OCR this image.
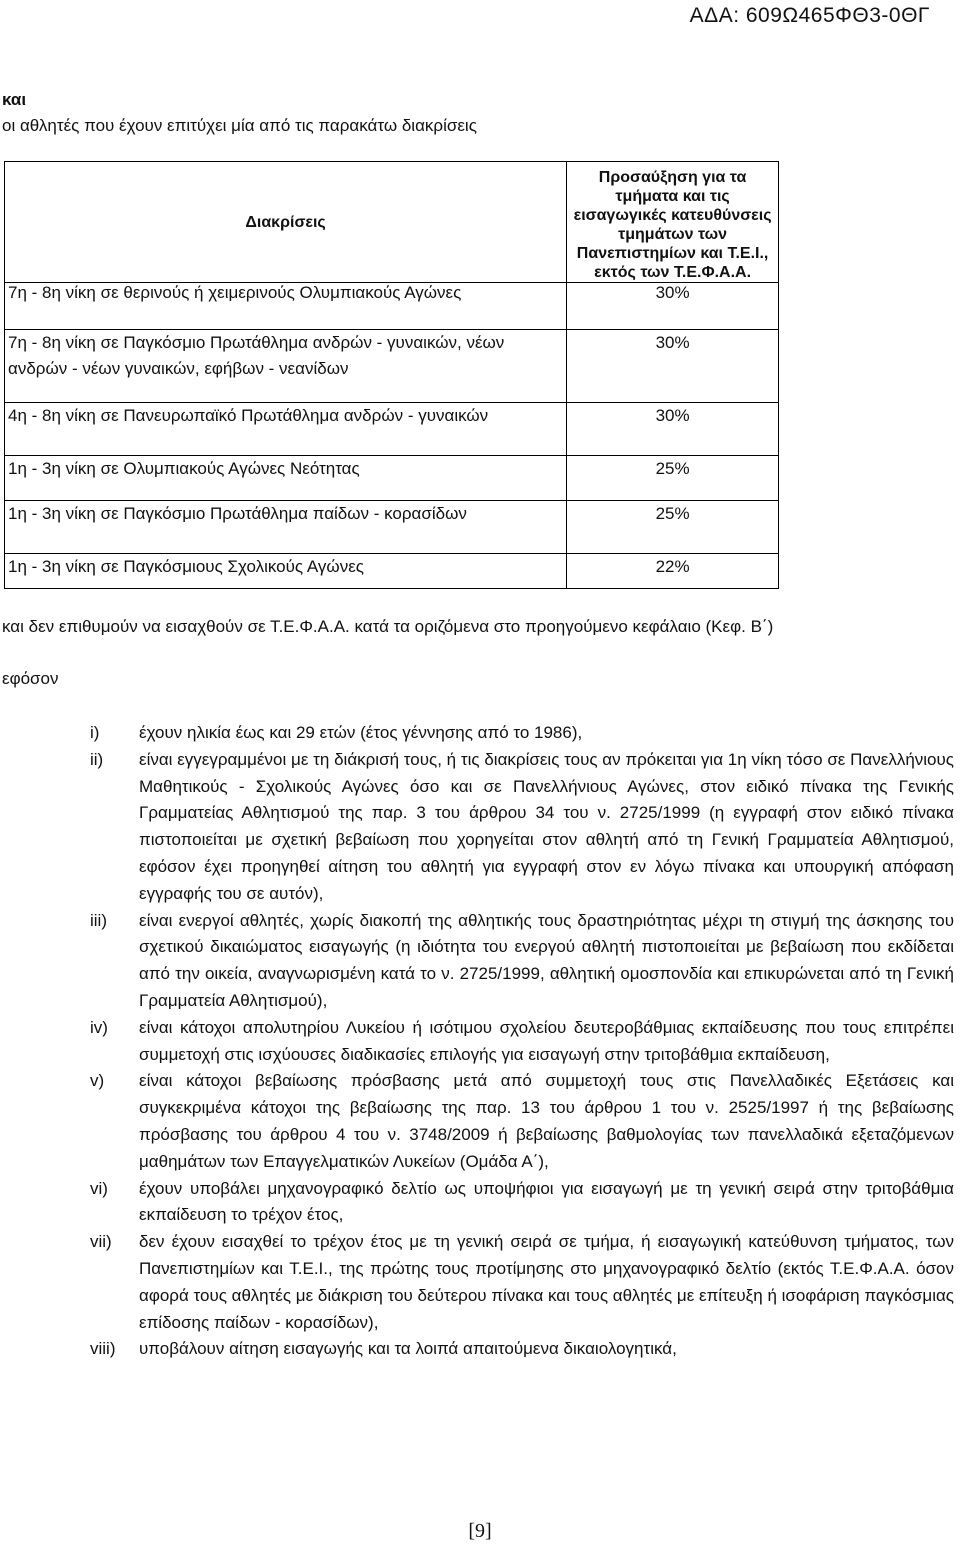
ΑΔΑ: 609Ω465ΦΘ3-0ΘΓ
και
οι αθλητές που έχουν επιτύχει μία από τις παρακάτω διακρίσεις
Διακρίσεις	Προσαύξηση για τα τμήματα και τις εισαγωγικές κατευθύνσεις τμημάτων των Πανεπιστημίων και Τ.Ε.Ι., εκτός των Τ.Ε.Φ.Α.Α.
7η - 8η νίκη σε θερινούς ή χειμερινούς Ολυμπιακούς Αγώνες	30%
7η - 8η νίκη σε Παγκόσμιο Πρωτάθλημα ανδρών - γυναικών, νέων ανδρών - νέων γυναικών, εφήβων - νεανίδων	30%
4η - 8η νίκη σε Πανευρωπαϊκό Πρωτάθλημα ανδρών - γυναικών	30%
1η - 3η νίκη σε Ολυμπιακούς Αγώνες Νεότητας	25%
1η - 3η νίκη σε Παγκόσμιο Πρωτάθλημα παίδων - κορασίδων	25%
1η - 3η νίκη σε Παγκόσμιους Σχολικούς Αγώνες	22%
και δεν επιθυμούν να εισαχθούν σε Τ.Ε.Φ.Α.Α. κατά τα οριζόμενα στο προηγούμενο κεφάλαιο (Κεφ. Β΄)
εφόσον
i)	έχουν ηλικία έως και 29 ετών (έτος γέννησης από το 1986),
ii)	είναι εγγεγραμμένοι με τη διάκρισή τους, ή τις διακρίσεις τους αν πρόκειται για 1η νίκη τόσο σε Πανελλήνιους Μαθητικούς - Σχολικούς Αγώνες όσο και σε Πανελλήνιους Αγώνες, στον ειδικό πίνακα της Γενικής Γραμματείας Αθλητισμού της παρ. 3 του άρθρου 34 του ν. 2725/1999 (η εγγραφή στον ειδικό πίνακα πιστοποιείται με σχετική βεβαίωση που χορηγείται στον αθλητή από τη Γενική Γραμματεία Αθλητισμού, εφόσον έχει προηγηθεί αίτηση του αθλητή για εγγραφή στον εν λόγω πίνακα και υπουργική απόφαση εγγραφής του σε αυτόν),
iii)	είναι ενεργοί αθλητές, χωρίς διακοπή της αθλητικής τους δραστηριότητας μέχρι τη στιγμή της άσκησης του σχετικού δικαιώματος εισαγωγής (η ιδιότητα του ενεργού αθλητή πιστοποιείται με βεβαίωση που εκδίδεται από την οικεία, αναγνωρισμένη κατά το ν. 2725/1999, αθλητική ομοσπονδία και επικυρώνεται από τη Γενική Γραμματεία Αθλητισμού),
iv)	είναι κάτοχοι απολυτηρίου Λυκείου ή ισότιμου σχολείου δευτεροβάθμιας εκπαίδευσης που τους επιτρέπει συμμετοχή στις ισχύουσες διαδικασίες επιλογής για εισαγωγή στην τριτοβάθμια εκπαίδευση,
v)	είναι κάτοχοι βεβαίωσης πρόσβασης μετά από συμμετοχή τους στις Πανελλαδικές Εξετάσεις και συγκεκριμένα κάτοχοι της βεβαίωσης της παρ. 13 του άρθρου 1 του ν. 2525/1997 ή της βεβαίωσης πρόσβασης του άρθρου 4 του ν. 3748/2009 ή βεβαίωσης βαθμολογίας των πανελλαδικά εξεταζόμενων μαθημάτων των Επαγγελματικών Λυκείων (Ομάδα Α΄),
vi)	έχουν υποβάλει μηχανογραφικό δελτίο ως υποψήφιοι για εισαγωγή με τη γενική σειρά στην τριτοβάθμια εκπαίδευση το τρέχον έτος,
vii)	δεν έχουν εισαχθεί το τρέχον έτος με τη γενική σειρά σε τμήμα, ή εισαγωγική κατεύθυνση τμήματος, των Πανεπιστημίων και Τ.Ε.Ι., της πρώτης τους προτίμησης στο μηχανογραφικό δελτίο (εκτός Τ.Ε.Φ.Α.Α. όσον αφορά τους αθλητές με διάκριση του δεύτερου πίνακα και τους αθλητές με επίτευξη ή ισοφάριση παγκόσμιας επίδοσης παίδων - κορασίδων),
viii)	υποβάλουν αίτηση εισαγωγής και τα λοιπά απαιτούμενα δικαιολογητικά,
[9]
